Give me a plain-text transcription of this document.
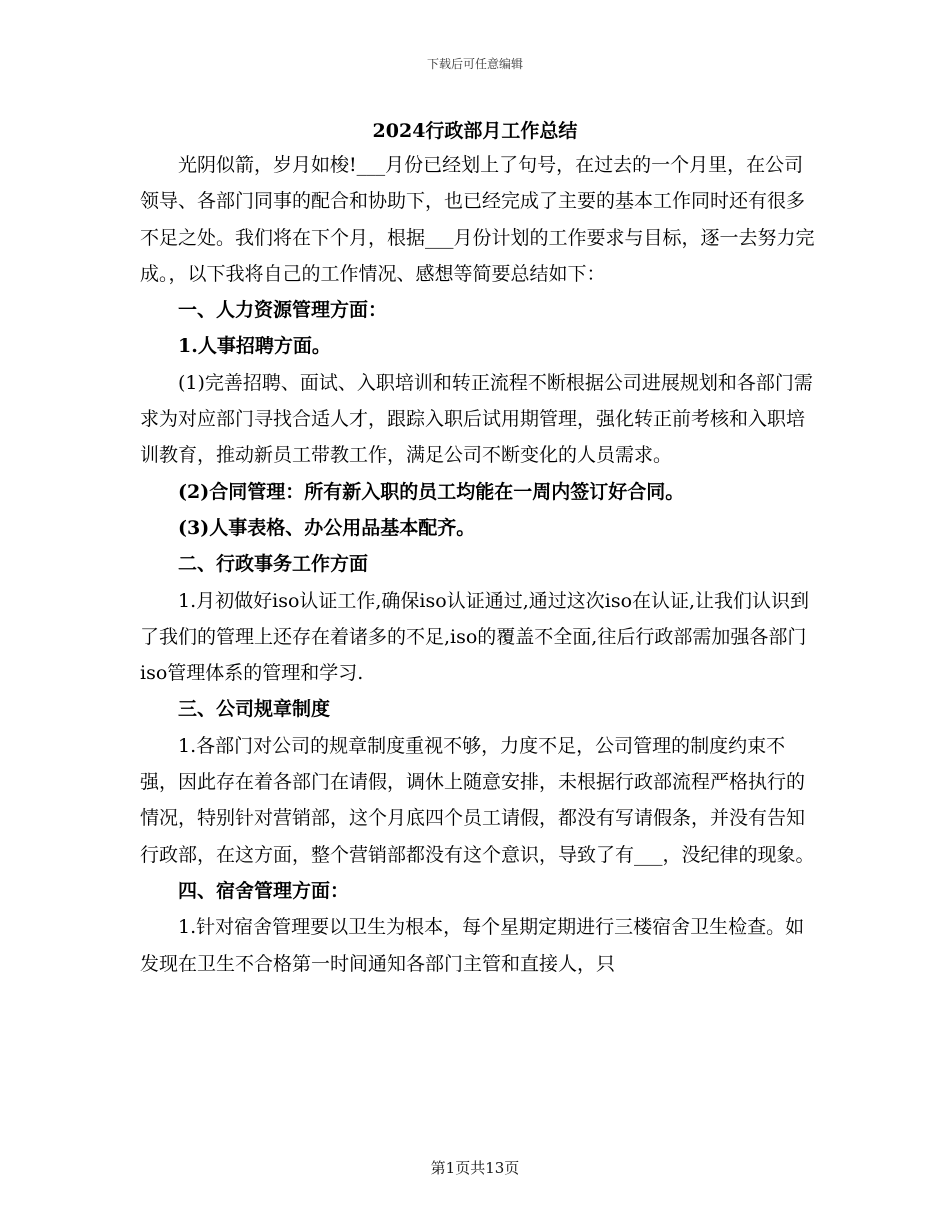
下载后可任意编辑
2024行政部月工作总结

光阴似箭，岁月如梭!___月份已经划上了句号，在过去的一个月里，在公司领导、各部门同事的配合和协助下，也已经完成了主要的基本工作同时还有很多不足之处。我们将在下个月，根据___月份计划的工作要求与目标，逐一去努力完成。，以下我将自己的工作情况、感想等简要总结如下：

一、人力资源管理方面：

1.人事招聘方面。

(1)完善招聘、面试、入职培训和转正流程不断根据公司进展规划和各部门需求为对应部门寻找合适人才，跟踪入职后试用期管理，强化转正前考核和入职培训教育，推动新员工带教工作，满足公司不断变化的人员需求。

(2)合同管理：所有新入职的员工均能在一周内签订好合同。

(3)人事表格、办公用品基本配齐。

二、行政事务工作方面

1.月初做好iso认证工作,确保iso认证通过,通过这次iso在认证,让我们认识到了我们的管理上还存在着诸多的不足,iso的覆盖不全面,往后行政部需加强各部门iso管理体系的管理和学习.

三、公司规章制度

1.各部门对公司的规章制度重视不够，力度不足，公司管理的制度约束不强，因此存在着各部门在请假，调休上随意安排，未根据行政部流程严格执行的情况，特别针对营销部，这个月底四个员工请假，都没有写请假条，并没有告知行政部，在这方面，整个营销部都没有这个意识，导致了有___，没纪律的现象。

四、宿舍管理方面：

1.针对宿舍管理要以卫生为根本，每个星期定期进行三楼宿舍卫生检查。如发现在卫生不合格第一时间通知各部门主管和直接人，只

第1页共13页
